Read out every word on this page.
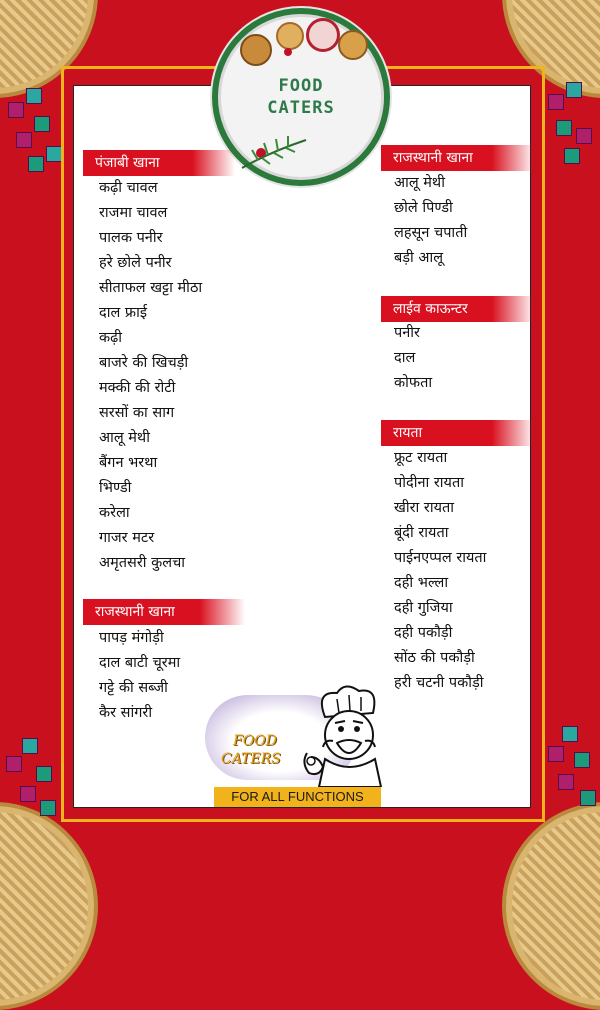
FOOD
CATERS
पंजाबी खाना
कढ़ी चावल
राजमा चावल
पालक पनीर
हरे छोले पनीर
सीताफल खट्टा मीठा
दाल फ्राई
कढ़ी
बाजरे की खिचड़ी
मक्की की रोटी
सरसों का साग
आलू मेथी
बैंगन भरथा
भिण्डी
करेला
गाजर मटर
अमृतसरी कुलचा
राजस्थानी खाना
पापड़ मंगोड़ी
दाल बाटी चूरमा
गट्टे की सब्जी
कैर सांगरी
राजस्थानी खाना
आलू मेथी
छोले पिण्डी
लहसून चपाती
बड़ी आलू
लाईव काऊन्टर
पनीर
दाल
कोफता
रायता
फ्रूट रायता
पोदीना रायता
खीरा रायता
बूंदी रायता
पाईनएप्पल रायता
दही भल्ला
दही गुजिया
दही पकौड़ी
सोंठ की पकौड़ी
हरी चटनी पकौड़ी
FOOD
CATERS
FOR ALL FUNCTIONS
